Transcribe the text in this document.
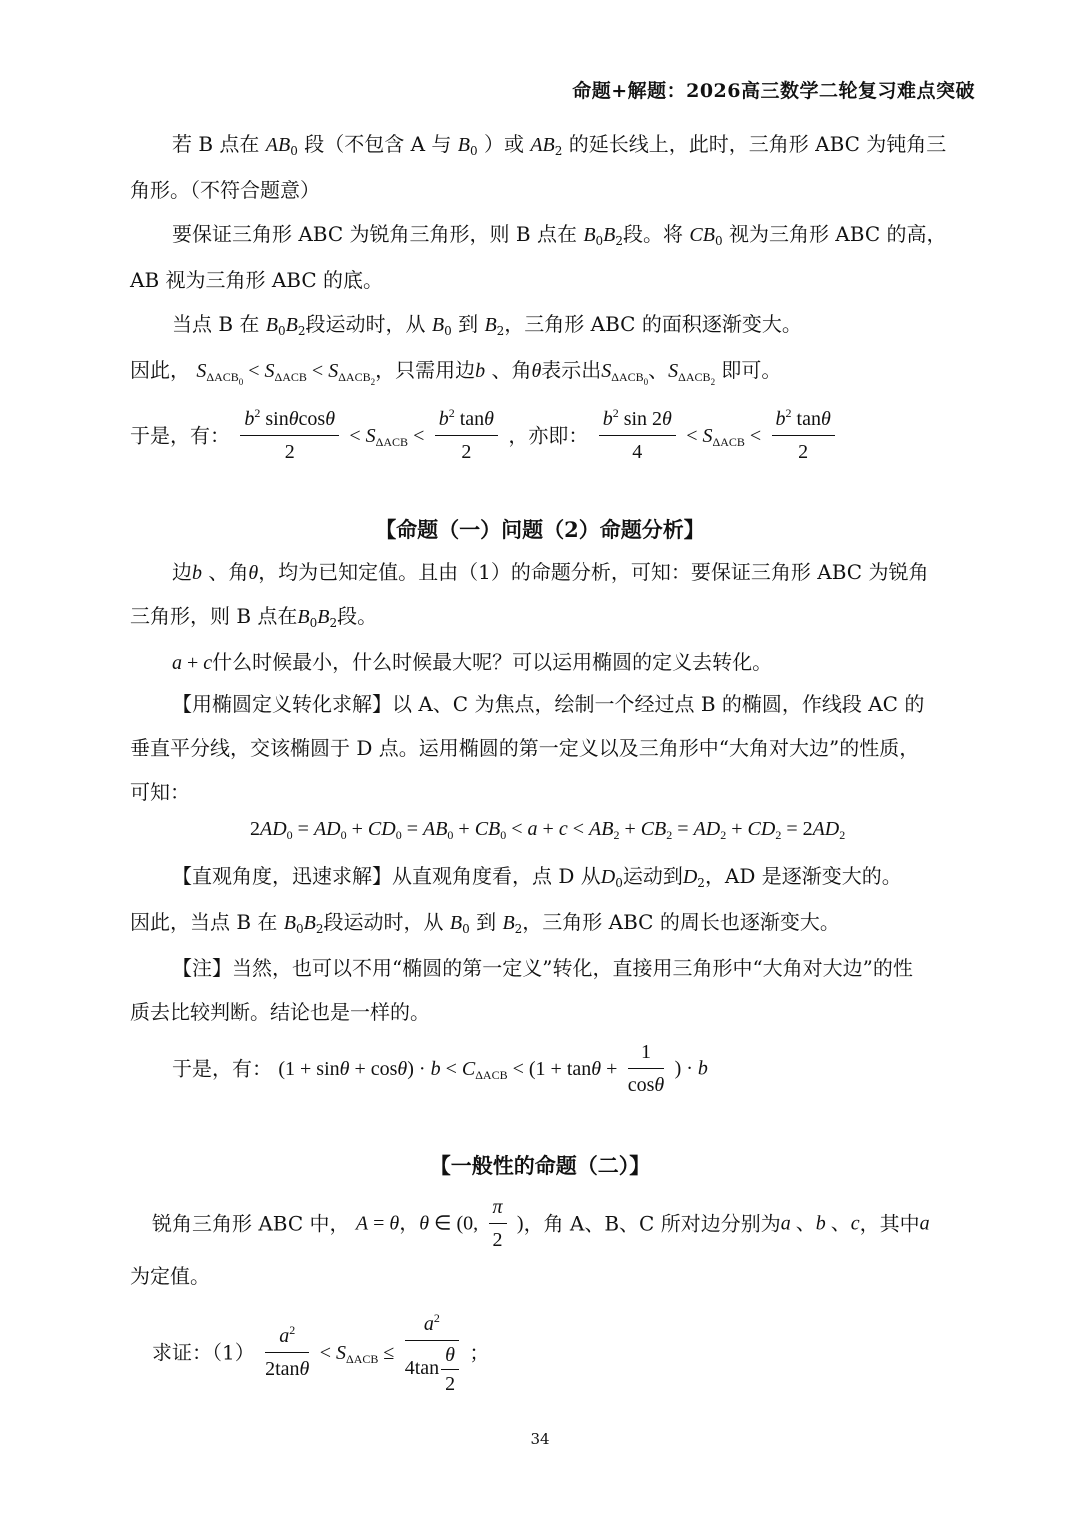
命题+解题：2026高三数学二轮复习难点突破
若 B 点在 $AB_0$ 段（不包含 A 与 $B_0$ ）或 $AB_2$ 的延长线上，此时，三角形 ABC 为钝角三
角形。（不符合题意）
要保证三角形 ABC 为锐角三角形，则 B 点在 $B_0B_2$段。将 $CB_0$ 视为三角形 ABC 的高，
AB 视为三角形 ABC 的底。
当点 B 在 $B_0B_2$段运动时，从 $B_0$ 到 $B_2$，三角形 ABC 的面积逐渐变大。
因此， $S_{\Delta ACB_0} < S_{\Delta ACB} < S_{\Delta ACB_2}$，只需用边b 、角θ表示出$S_{\Delta ACB_0}$、$S_{\Delta ACB_2}$ 即可。
于是，有： $\frac{b^2 \sin\theta\cos\theta}{2} < S_{\Delta ACB} < \frac{b^2 \tan\theta}{2}$ ，亦即： $\frac{b^2 \sin 2\theta}{4} < S_{\Delta ACB} < \frac{b^2 \tan\theta}{2}$
【命题（一）问题（2）命题分析】
边b 、角θ，均为已知定值。且由（1）的命题分析，可知：要保证三角形 ABC 为锐角
三角形，则 B 点在$B_0B_2$段。
a + c什么时候最小，什么时候最大呢？可以运用椭圆的定义去转化。
【用椭圆定义转化求解】以 A、C 为焦点，绘制一个经过点 B 的椭圆，作线段 AC 的
垂直平分线，交该椭圆于 D 点。运用椭圆的第一定义以及三角形中“大角对大边”的性质，
可知：
$2AD_0 = AD_0 + CD_0 = AB_0 + CB_0 < a + c < AB_2 + CB_2 = AD_2 + CD_2 = 2AD_2$
【直观角度，迅速求解】从直观角度看，点 D 从$D_0$运动到$D_2$，AD 是逐渐变大的。
因此，当点 B 在 $B_0B_2$段运动时，从 $B_0$ 到 $B_2$，三角形 ABC 的周长也逐渐变大。
【注】当然，也可以不用“椭圆的第一定义”转化，直接用三角形中“大角对大边”的性
质去比较判断。结论也是一样的。
于是，有： $(1 + \sin\theta + \cos\theta) \cdot b < C_{\Delta ACB} < (1 + \tan\theta + \frac{1}{\cos\theta}$ ) · b
【一般性的命题（二）】
锐角三角形 ABC 中， A = θ，θ ∈ (0, $\frac{\pi}{2}$ )，角 A、B、C 所对边分别为a 、b 、c，其中a
为定值。
求证：$(1) \frac{a^2}{2\tan\theta} < S_{\Delta ACB} \le \frac{a^2}{4\tan \frac{\theta}{2}}$ ；
34
